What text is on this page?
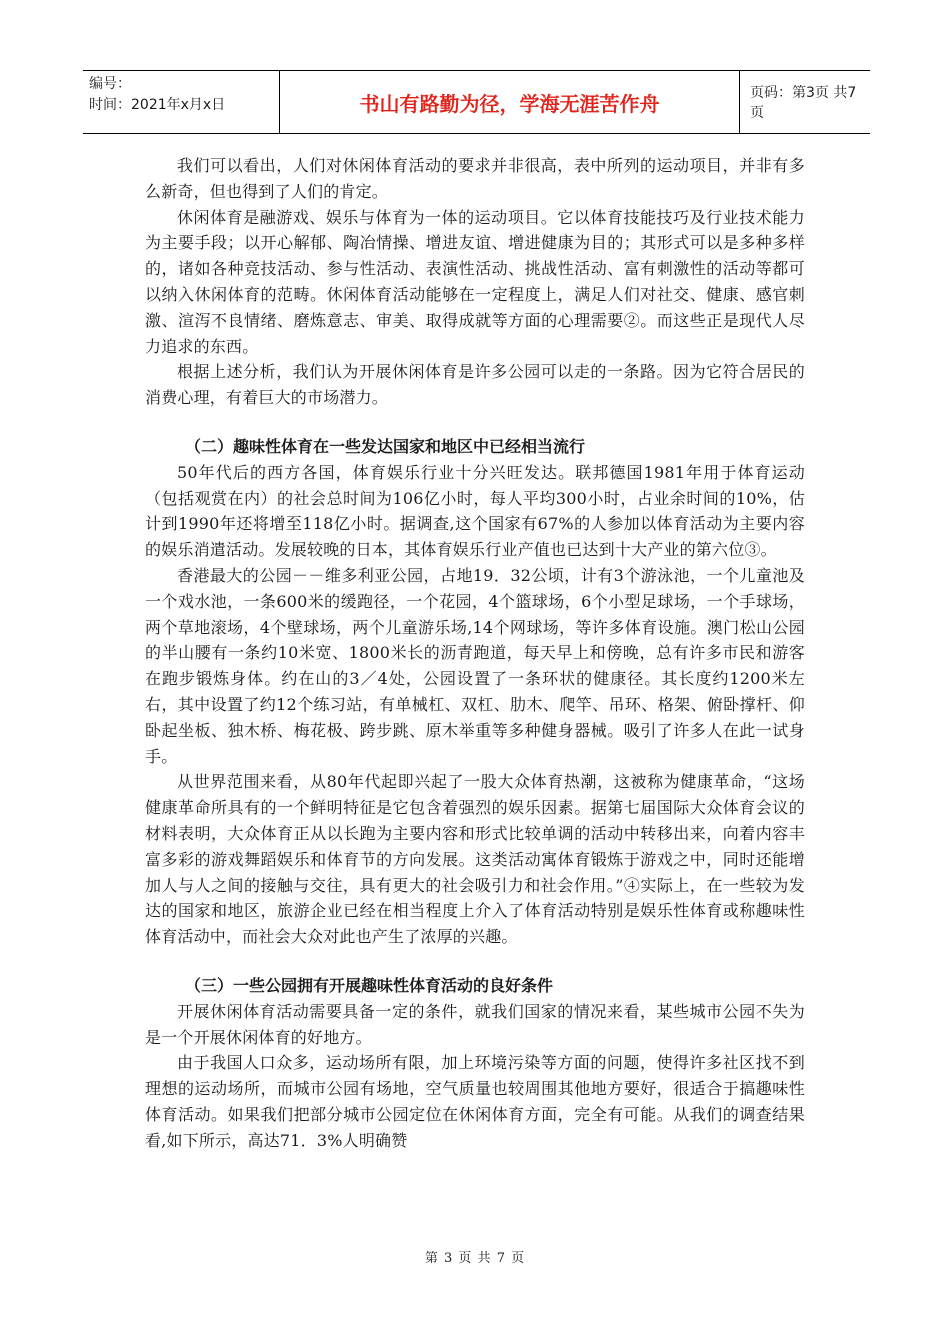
编号：
时间：2021年x月x日	书山有路勤为径，学海无涯苦作舟	页码：第3页 共7页

我们可以看出，人们对休闲体育活动的要求并非很高，表中所列的运动项目，并非有多么新奇，但也得到了人们的肯定。

休闲体育是融游戏、娱乐与体育为一体的运动项目。它以体育技能技巧及行业技术能力为主要手段；以开心解郁、陶冶情操、增进友谊、增进健康为目的；其形式可以是多种多样的，诸如各种竞技活动、参与性活动、表演性活动、挑战性活动、富有刺激性的活动等都可以纳入休闲体育的范畴。休闲体育活动能够在一定程度上，满足人们对社交、健康、感官刺激、渲泻不良情绪、磨炼意志、审美、取得成就等方面的心理需要②。而这些正是现代人尽力追求的东西。

根据上述分析，我们认为开展休闲体育是许多公园可以走的一条路。因为它符合居民的消费心理，有着巨大的市场潜力。

（二）趣味性体育在一些发达国家和地区中已经相当流行

50年代后的西方各国，体育娱乐行业十分兴旺发达。联邦德国1981年用于体育运动（包括观赏在内）的社会总时间为106亿小时，每人平均300小时，占业余时间的10%，估计到1990年还将增至118亿小时。据调查,这个国家有67%的人参加以体育活动为主要内容的娱乐消遣活动。发展较晚的日本，其体育娱乐行业产值也已达到十大产业的第六位③。

香港最大的公园－－维多利亚公园，占地19．32公顷，计有3个游泳池，一个儿童池及一个戏水池，一条600米的缓跑径，一个花园，4个篮球场，6个小型足球场，一个手球场，两个草地滚场，4个壁球场，两个儿童游乐场,14个网球场，等许多体育设施。澳门松山公园的半山腰有一条约10米宽、1800米长的沥青跑道，每天早上和傍晚，总有许多市民和游客在跑步锻炼身体。约在山的3／4处，公园设置了一条环状的健康径。其长度约1200米左右，其中设置了约12个练习站，有单械杠、双杠、肋木、爬竿、吊环、格架、俯卧撑杆、仰卧起坐板、独木桥、梅花极、跨步跳、原木举重等多种健身器械。吸引了许多人在此一试身手。

从世界范围来看，从80年代起即兴起了一股大众体育热潮，这被称为健康革命，“这场健康革命所具有的一个鲜明特征是它包含着强烈的娱乐因素。据第七届国际大众体育会议的材料表明，大众体育正从以长跑为主要内容和形式比较单调的活动中转移出来，向着内容丰富多彩的游戏舞蹈娱乐和体育节的方向发展。这类活动寓体育锻炼于游戏之中，同时还能增加人与人之间的接触与交往，具有更大的社会吸引力和社会作用。”④实际上，在一些较为发达的国家和地区，旅游企业已经在相当程度上介入了体育活动特别是娱乐性体育或称趣味性体育活动中，而社会大众对此也产生了浓厚的兴趣。

（三）一些公园拥有开展趣味性体育活动的良好条件

开展休闲体育活动需要具备一定的条件，就我们国家的情况来看，某些城市公园不失为是一个开展休闲体育的好地方。

由于我国人口众多，运动场所有限，加上环境污染等方面的问题，使得许多社区找不到理想的运动场所，而城市公园有场地，空气质量也较周围其他地方要好，很适合于搞趣味性体育活动。如果我们把部分城市公园定位在休闲体育方面，完全有可能。从我们的调查结果看,如下所示，高达71．3%人明确赞

第 3 页 共 7 页
